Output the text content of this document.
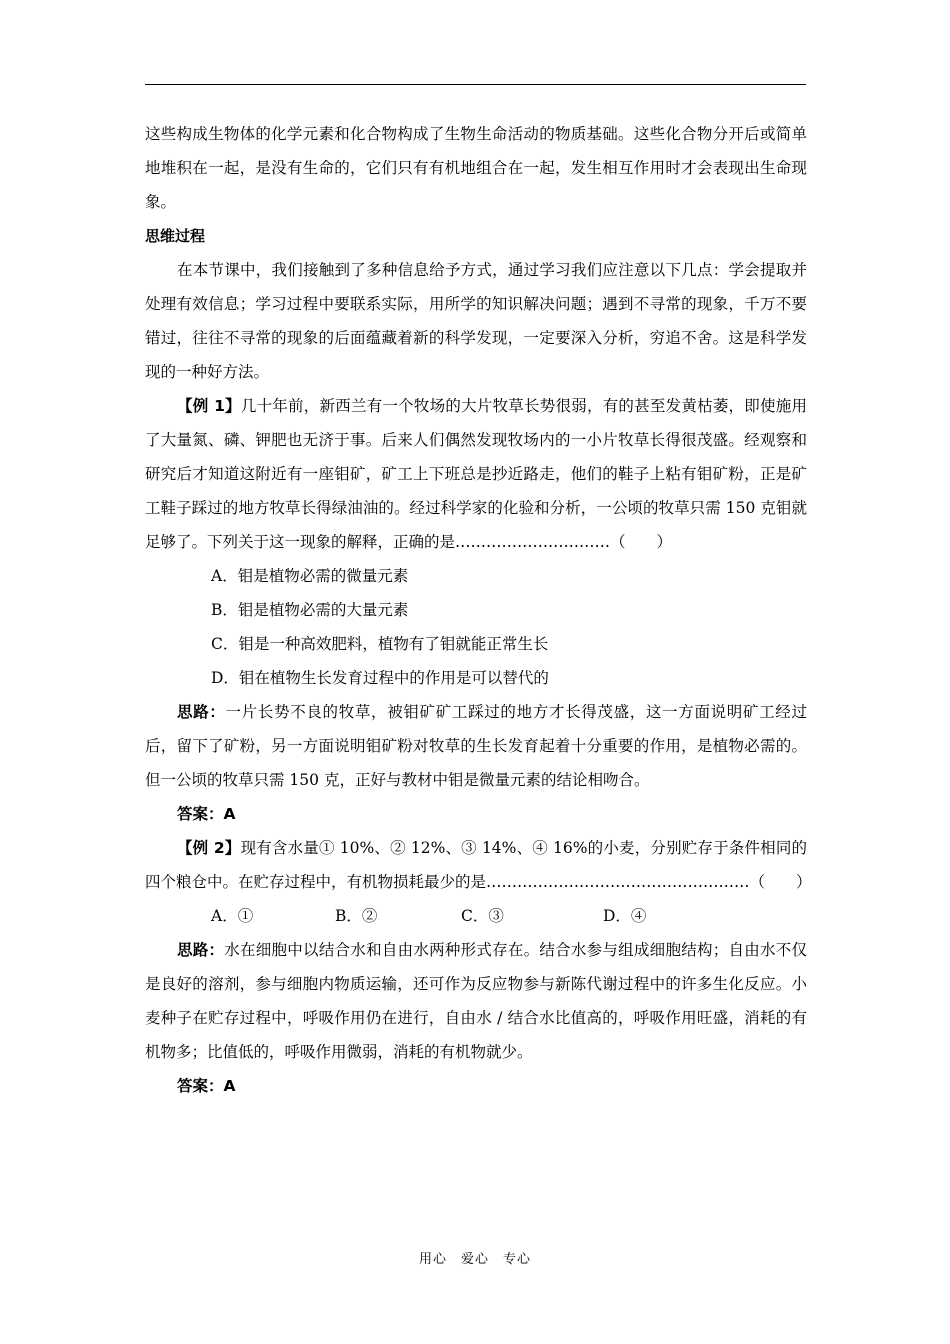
这些构成生物体的化学元素和化合物构成了生物生命活动的物质基础。这些化合物分开后或简单地堆积在一起，是没有生命的，它们只有有机地组合在一起，发生相互作用时才会表现出生命现象。

思维过程

在本节课中，我们接触到了多种信息给予方式，通过学习我们应注意以下几点：学会提取并处理有效信息；学习过程中要联系实际，用所学的知识解决问题；遇到不寻常的现象，千万不要错过，往往不寻常的现象的后面蕴藏着新的科学发现，一定要深入分析，穷追不舍。这是科学发现的一种好方法。

【例 1】几十年前，新西兰有一个牧场的大片牧草长势很弱，有的甚至发黄枯萎，即使施用了大量氮、磷、钾肥也无济于事。后来人们偶然发现牧场内的一小片牧草长得很茂盛。经观察和研究后才知道这附近有一座钼矿，矿工上下班总是抄近路走，他们的鞋子上粘有钼矿粉，正是矿工鞋子踩过的地方牧草长得绿油油的。经过科学家的化验和分析，一公顷的牧草只需 150 克钼就足够了。下列关于这一现象的解释，正确的是…………………………（　　）

A．钼是植物必需的微量元素

B．钼是植物必需的大量元素

C．钼是一种高效肥料，植物有了钼就能正常生长

D．钼在植物生长发育过程中的作用是可以替代的

思路：一片长势不良的牧草，被钼矿矿工踩过的地方才长得茂盛，这一方面说明矿工经过后，留下了矿粉，另一方面说明钼矿粉对牧草的生长发育起着十分重要的作用，是植物必需的。但一公顷的牧草只需 150 克，正好与教材中钼是微量元素的结论相吻合。

答案：A

【例 2】现有含水量① 10%、② 12%、③ 14%、④ 16%的小麦，分别贮存于条件相同的四个粮仓中。在贮存过程中，有机物损耗最少的是……………………………………………（　　）

A．①	B．②	C．③	D．④

思路：水在细胞中以结合水和自由水两种形式存在。结合水参与组成细胞结构；自由水不仅是良好的溶剂，参与细胞内物质运输，还可作为反应物参与新陈代谢过程中的许多生化反应。小麦种子在贮存过程中，呼吸作用仍在进行，自由水 / 结合水比值高的，呼吸作用旺盛，消耗的有机物多；比值低的，呼吸作用微弱，消耗的有机物就少。

答案：A

用心　爱心　专心
